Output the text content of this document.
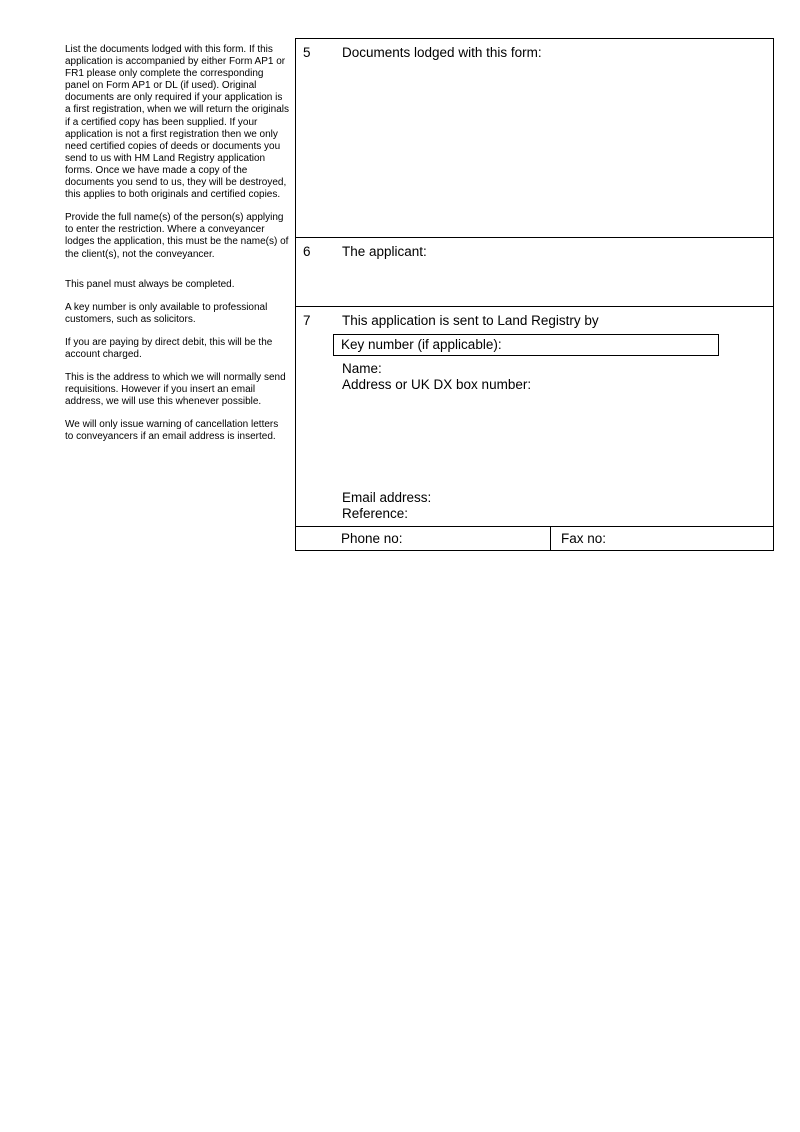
List the documents lodged with this form. If this application is accompanied by either Form AP1 or FR1 please only complete the corresponding panel on Form AP1 or DL (if used). Original documents are only required if your application is a first registration, when we will return the originals if a certified copy has been supplied. If your application is not a first registration then we only need certified copies of deeds or documents you send to us with HM Land Registry application forms. Once we have made a copy of the documents you send to us, they will be destroyed, this applies to both originals and certified copies.

Provide the full name(s) of the person(s) applying to enter the restriction. Where a conveyancer lodges the application, this must be the name(s) of the client(s), not the conveyancer.

This panel must always be completed.

A key number is only available to professional customers, such as solicitors.

If you are paying by direct debit, this will be the account charged.

This is the address to which we will normally send requisitions. However if you insert an email address, we will use this whenever possible.

We will only issue warning of cancellation letters to conveyancers if an email address is inserted.

5	Documents lodged with this form:
6	The applicant:
7	This application is sent to Land Registry by
Key number (if applicable):
Name:
Address or UK DX box number:
Email address:
Reference:
Phone no:	Fax no:
